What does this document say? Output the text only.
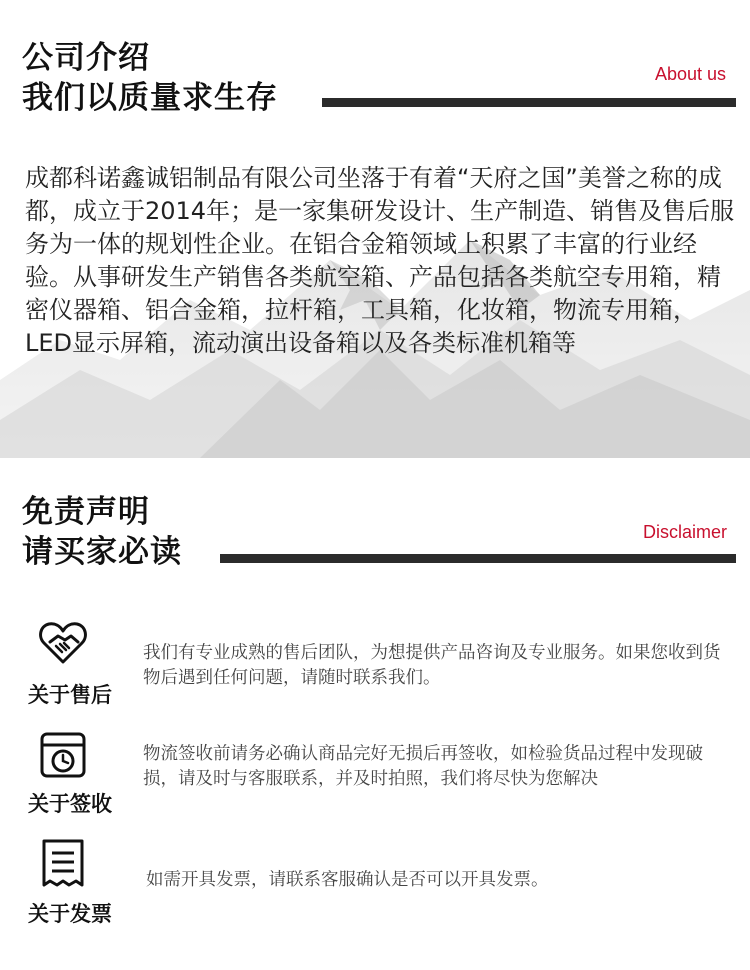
公司介绍
我们以质量求生存
About us
成都科诺鑫诚铝制品有限公司坐落于有着“天府之国”美誉之称的成都，成立于2014年；是一家集研发设计、生产制造、销售及售后服务为一体的规划性企业。在铝合金箱领域上积累了丰富的行业经验。从事研发生产销售各类航空箱、产品包括各类航空专用箱，精密仪器箱、铝合金箱，拉杆箱，工具箱，化妆箱，物流专用箱，LED显示屏箱，流动演出设备箱以及各类标准机箱等
免责声明
请买家必读
Disclaimer
关于售后
我们有专业成熟的售后团队，为想提供产品咨询及专业服务。如果您收到货物后遇到任何问题，请随时联系我们。
关于签收
物流签收前请务必确认商品完好无损后再签收，如检验货品过程中发现破损，请及时与客服联系，并及时拍照，我们将尽快为您解决
关于发票
如需开具发票，请联系客服确认是否可以开具发票。
